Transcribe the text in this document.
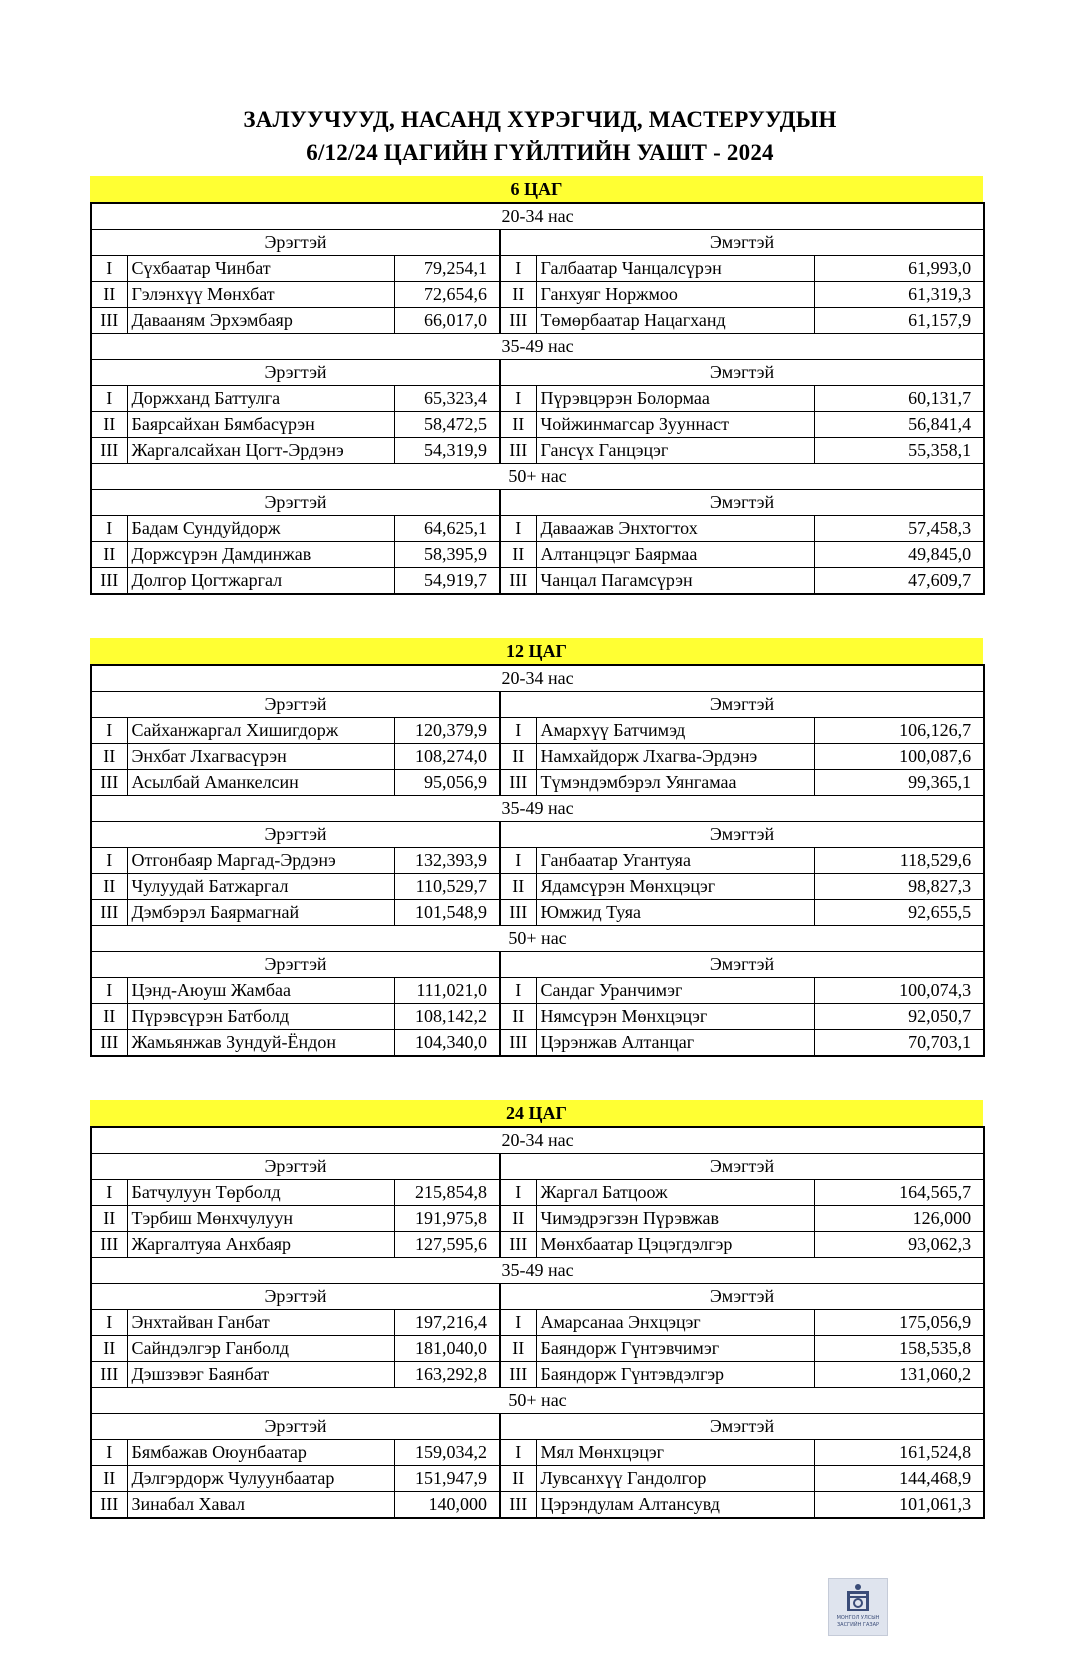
ЗАЛУУЧУУД, НАСАНД ХҮРЭГЧИД, МАСТЕРУУДЫН
6/12/24 ЦАГИЙН ГҮЙЛТИЙН УАШТ - 2024
6 ЦАГ
20-34 нас					
Эрэгтэй			Эмэгтэй		
I	Сүхбаатар Чинбат	79,254,1	I	Галбаатар Чанцалсүрэн	61,993,0
II	Гэлэнхүү Мөнхбат	72,654,6	II	Ганхуяг Норжмоо	61,319,3
III	Давааням Эрхэмбаяр	66,017,0	III	Төмөрбаатар Нацагханд	61,157,9
35-49 нас					
Эрэгтэй			Эмэгтэй		
I	Доржханд Баттулга	65,323,4	I	Пүрэвцэрэн Болормаа	60,131,7
II	Баярсайхан Бямбасүрэн	58,472,5	II	Чойжинмагсар Зууннаст	56,841,4
III	Жаргалсайхан Цогт-Эрдэнэ	54,319,9	III	Гансүх Ганцэцэг	55,358,1
50+ нас					
Эрэгтэй			Эмэгтэй		
I	Бадам Сундуйдорж	64,625,1	I	Даваажав Энхтогтох	57,458,3
II	Доржсүрэн Дамдинжав	58,395,9	II	Алтанцэцэг Баярмаа	49,845,0
III	Долгор Цогтжаргал	54,919,7	III	Чанцал Пагамсүрэн	47,609,7
12 ЦАГ
20-34 нас					
Эрэгтэй			Эмэгтэй		
I	Сайханжаргал Хишигдорж	120,379,9	I	Амархүү Батчимэд	106,126,7
II	Энхбат Лхагвасүрэн	108,274,0	II	Намхайдорж Лхагва-Эрдэнэ	100,087,6
III	Асылбай Аманкелсин	95,056,9	III	Түмэндэмбэрэл Уянгамаа	99,365,1
35-49 нас					
Эрэгтэй			Эмэгтэй		
I	Отгонбаяр Маргад-Эрдэнэ	132,393,9	I	Ганбаатар Угантуяа	118,529,6
II	Чулуудай Батжаргал	110,529,7	II	Ядамсүрэн Мөнхцэцэг	98,827,3
III	Дэмбэрэл Баярмагнай	101,548,9	III	Юмжид Туяа	92,655,5
50+ нас					
Эрэгтэй			Эмэгтэй		
I	Цэнд-Аюуш Жамбаа	111,021,0	I	Сандаг Уранчимэг	100,074,3
II	Пүрэвсүрэн Батболд	108,142,2	II	Нямсүрэн Мөнхцэцэг	92,050,7
III	Жамьянжав Зундуй-Ёндон	104,340,0	III	Цэрэнжав Алтанцаг	70,703,1
24 ЦАГ
20-34 нас					
Эрэгтэй			Эмэгтэй		
I	Батчулуун Төрболд	215,854,8	I	Жаргал Батцоож	164,565,7
II	Тэрбиш Мөнхчулуун	191,975,8	II	Чимэдрэгзэн Пүрэвжав	126,000
III	Жаргалтуяа Анхбаяр	127,595,6	III	Мөнхбаатар Цэцэгдэлгэр	93,062,3
35-49 нас					
Эрэгтэй			Эмэгтэй		
I	Энхтайван Ганбат	197,216,4	I	Амарсанаа Энхцэцэг	175,056,9
II	Сайндэлгэр Ганболд	181,040,0	II	Баяндорж Гүнтэвчимэг	158,535,8
III	Дэшзэвэг Баянбат	163,292,8	III	Баяндорж Гүнтэвдэлгэр	131,060,2
50+ нас					
Эрэгтэй			Эмэгтэй		
I	Бямбажав Оюунбаатар	159,034,2	I	Мял Мөнхцэцэг	161,524,8
II	Дэлгэрдорж Чулуунбаатар	151,947,9	II	Лувсанхүү Гандолгор	144,468,9
III	Зинабал Хавал	140,000	III	Цэрэндулам Алтансувд	101,061,3
МОНГОЛ УЛСЫН
ЗАСГИЙН ГАЗАР
